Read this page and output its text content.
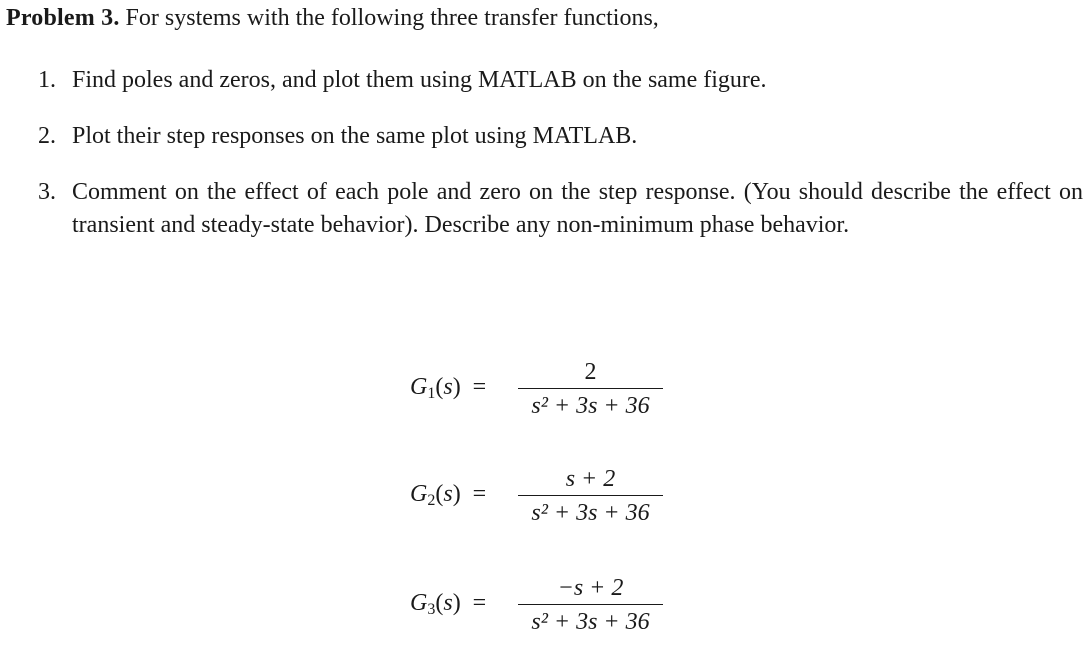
Problem 3. For systems with the following three transfer functions,
1. Find poles and zeros, and plot them using MATLAB on the same figure.
2. Plot their step responses on the same plot using MATLAB.
3. Comment on the effect of each pole and zero on the step response. (You should describe the effect on transient and steady-state behavior). Describe any non-minimum phase behavior.
$G_1(s)$  =
2
s² + 3s + 36
$G_2(s)$  =
s + 2
s² + 3s + 36
$G_3(s)$  =
−s + 2
s² + 3s + 36
